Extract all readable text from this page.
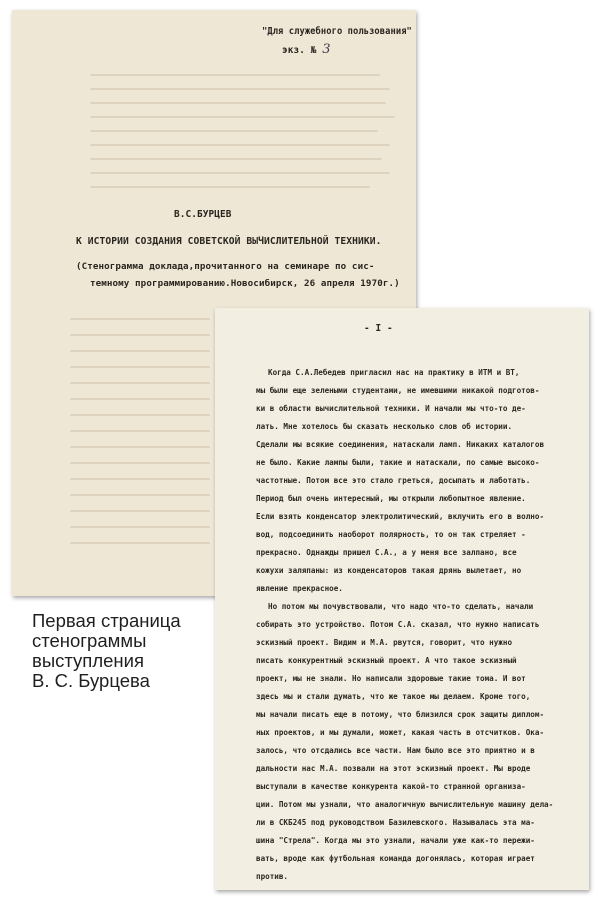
"Для служебного пользования"
экз. № 3
В.С.БУРЦЕВ
К ИСТОРИИ СОЗДАНИЯ СОВЕТСКОЙ ВЫЧИСЛИТЕЛЬНОЙ ТЕХНИКИ.
(Стенограмма доклада,прочитанного на семинаре по сис-
темному программированию.Новосибирск, 26 апреля 1970г.)
Первая страница
стенограммы
выступления
В. С. Бурцева
- I -
Когда С.А.Лебедев пригласил нас на практику в ИТМ и ВТ,
мы были еще зелеными студентами, не имевшими никакой подготов-
ки в области вычислительной техники. И начали мы что-то де-
лать. Мне хотелось бы сказать несколько слов об истории.
Сделали мы всякие соединения, натаскали ламп. Никаких каталогов
не было. Какие лампы были, такие и натаскали, по самые высоко-
частотные. Потом все это стало греться, досыпать и лаботать.
Период был очень интересный, мы открыли любопытное явление.
Если взять конденсатор электролитический, вклучить его в волно-
вод, подсоединить наоборот полярность, то он так стреляет -
прекрасно. Однажды пришел С.А., а у меня все залпано, все
кожухи заляпаны: из конденсаторов такая дрянь вылетает, но
явление прекрасное.
Но потом мы почувствовали, что надо что-то сделать, начали
собирать это устройство. Потом С.А. сказал, что нужно написать
эскизный проект. Видим и М.А. рвутся, говорит, что нужно
писать конкурентный эскизный проект. А что такое эскизный
проект, мы не знали. Но написали здоровые такие тома. И вот
здесь мы и стали думать, что же такое мы делаем. Кроме того,
мы начали писать еще в потому, что близился срок защиты диплом-
ных проектов, и мы думали, может, какая часть в отсчитков. Ока-
залось, что отсдались все части. Нам было все это приятно и в
дальности нас М.А. позвали на этот эскизный проект. Мы вроде
выступали в качестве конкурента какой-то странной организа-
ции. Потом мы узнали, что аналогичную вычислительную машину дела-
ли в СКБ245 под руководством Базилевского. Называлась эта ма-
шина "Стрела". Когда мы это узнали, начали уже как-то пережи-
вать, вроде как футбольная команда догонялась, которая играет
против.
